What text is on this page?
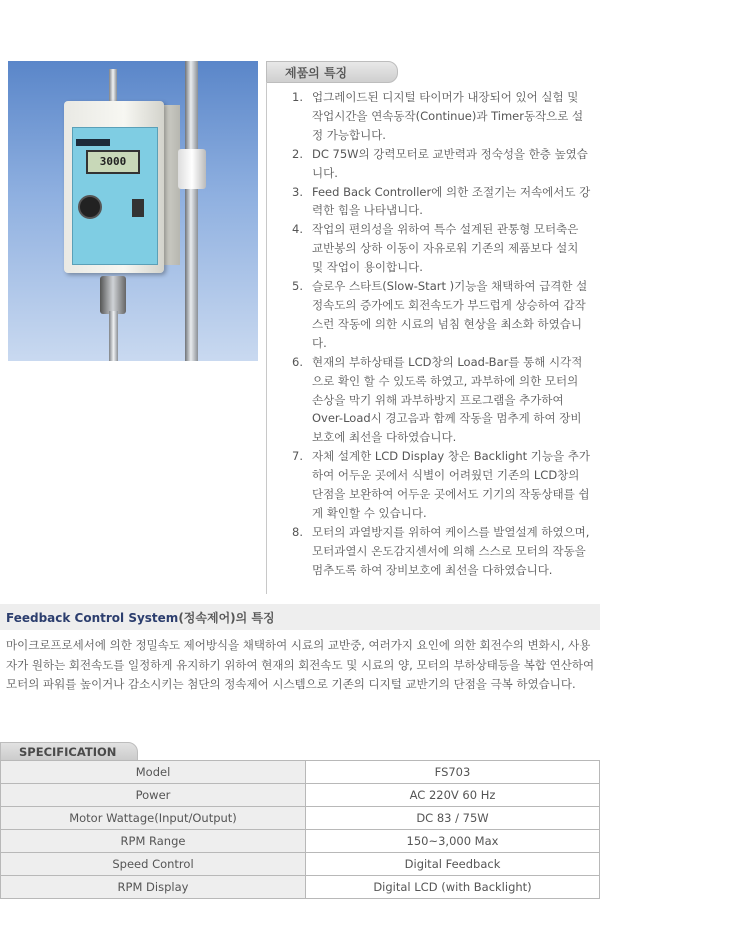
3000
제품의 특징
1. 업그레이드된 디지털 타이머가 내장되어 있어 실험 및 작업시간을 연속동작(Continue)과 Timer동작으로 설정 가능합니다.
2. DC 75W의 강력모터로 교반력과 정숙성을 한층 높였습니다.
3. Feed Back Controller에 의한 조절기는 저속에서도 강력한 힘을 나타냅니다.
4. 작업의 편의성을 위하여 특수 설계된 관통형 모터축은 교반봉의 상하 이동이 자유로워 기존의 제품보다 설치 및 작업이 용이합니다.
5. 슬로우 스타트(Slow-Start )기능을 채택하여 급격한 설정속도의 증가에도 회전속도가 부드럽게 상승하여 갑작스런 작동에 의한 시료의 넘침 현상을 최소화 하였습니다.
6. 현재의 부하상태를 LCD창의 Load-Bar를 통해 시각적으로 확인 할 수 있도록 하였고, 과부하에 의한 모터의 손상을 막기 위해 과부하방지 프로그램을 추가하여 Over-Load시 경고음과 함께 작동을 멈추게 하여 장비보호에 최선을 다하였습니다.
7. 자체 설계한 LCD Display 창은 Backlight 기능을 추가하여 어두운 곳에서 식별이 어려웠던 기존의 LCD창의 단점을 보완하여 어두운 곳에서도 기기의 작동상태를 쉽게 확인할 수 있습니다.
8. 모터의 과열방지를 위하여 케이스를 발열설계 하였으며, 모터과열시 온도감지센서에 의해 스스로 모터의 작동을 멈추도록 하여 장비보호에 최선을 다하였습니다.
Feedback Control System(정속제어)의 특징

마이크로프로세서에 의한 정밀속도 제어방식을 채택하여 시료의 교반중, 여러가지 요인에 의한 회전수의 변화시, 사용자가 원하는 회전속도를 일정하게 유지하기 위하여 현재의 회전속도 및 시료의 양, 모터의 부하상태등을 복합 연산하여 모터의 파워를 높이거나 감소시키는 첨단의 정속제어 시스템으로 기존의 디지털 교반기의 단점을 극복 하였습니다.

SPECIFICATION
Model	FS703
Power	AC 220V 60 Hz
Motor Wattage(Input/Output)	DC 83 / 75W
RPM Range	150~3,000 Max
Speed Control	Digital Feedback
RPM Display	Digital LCD (with Backlight)
